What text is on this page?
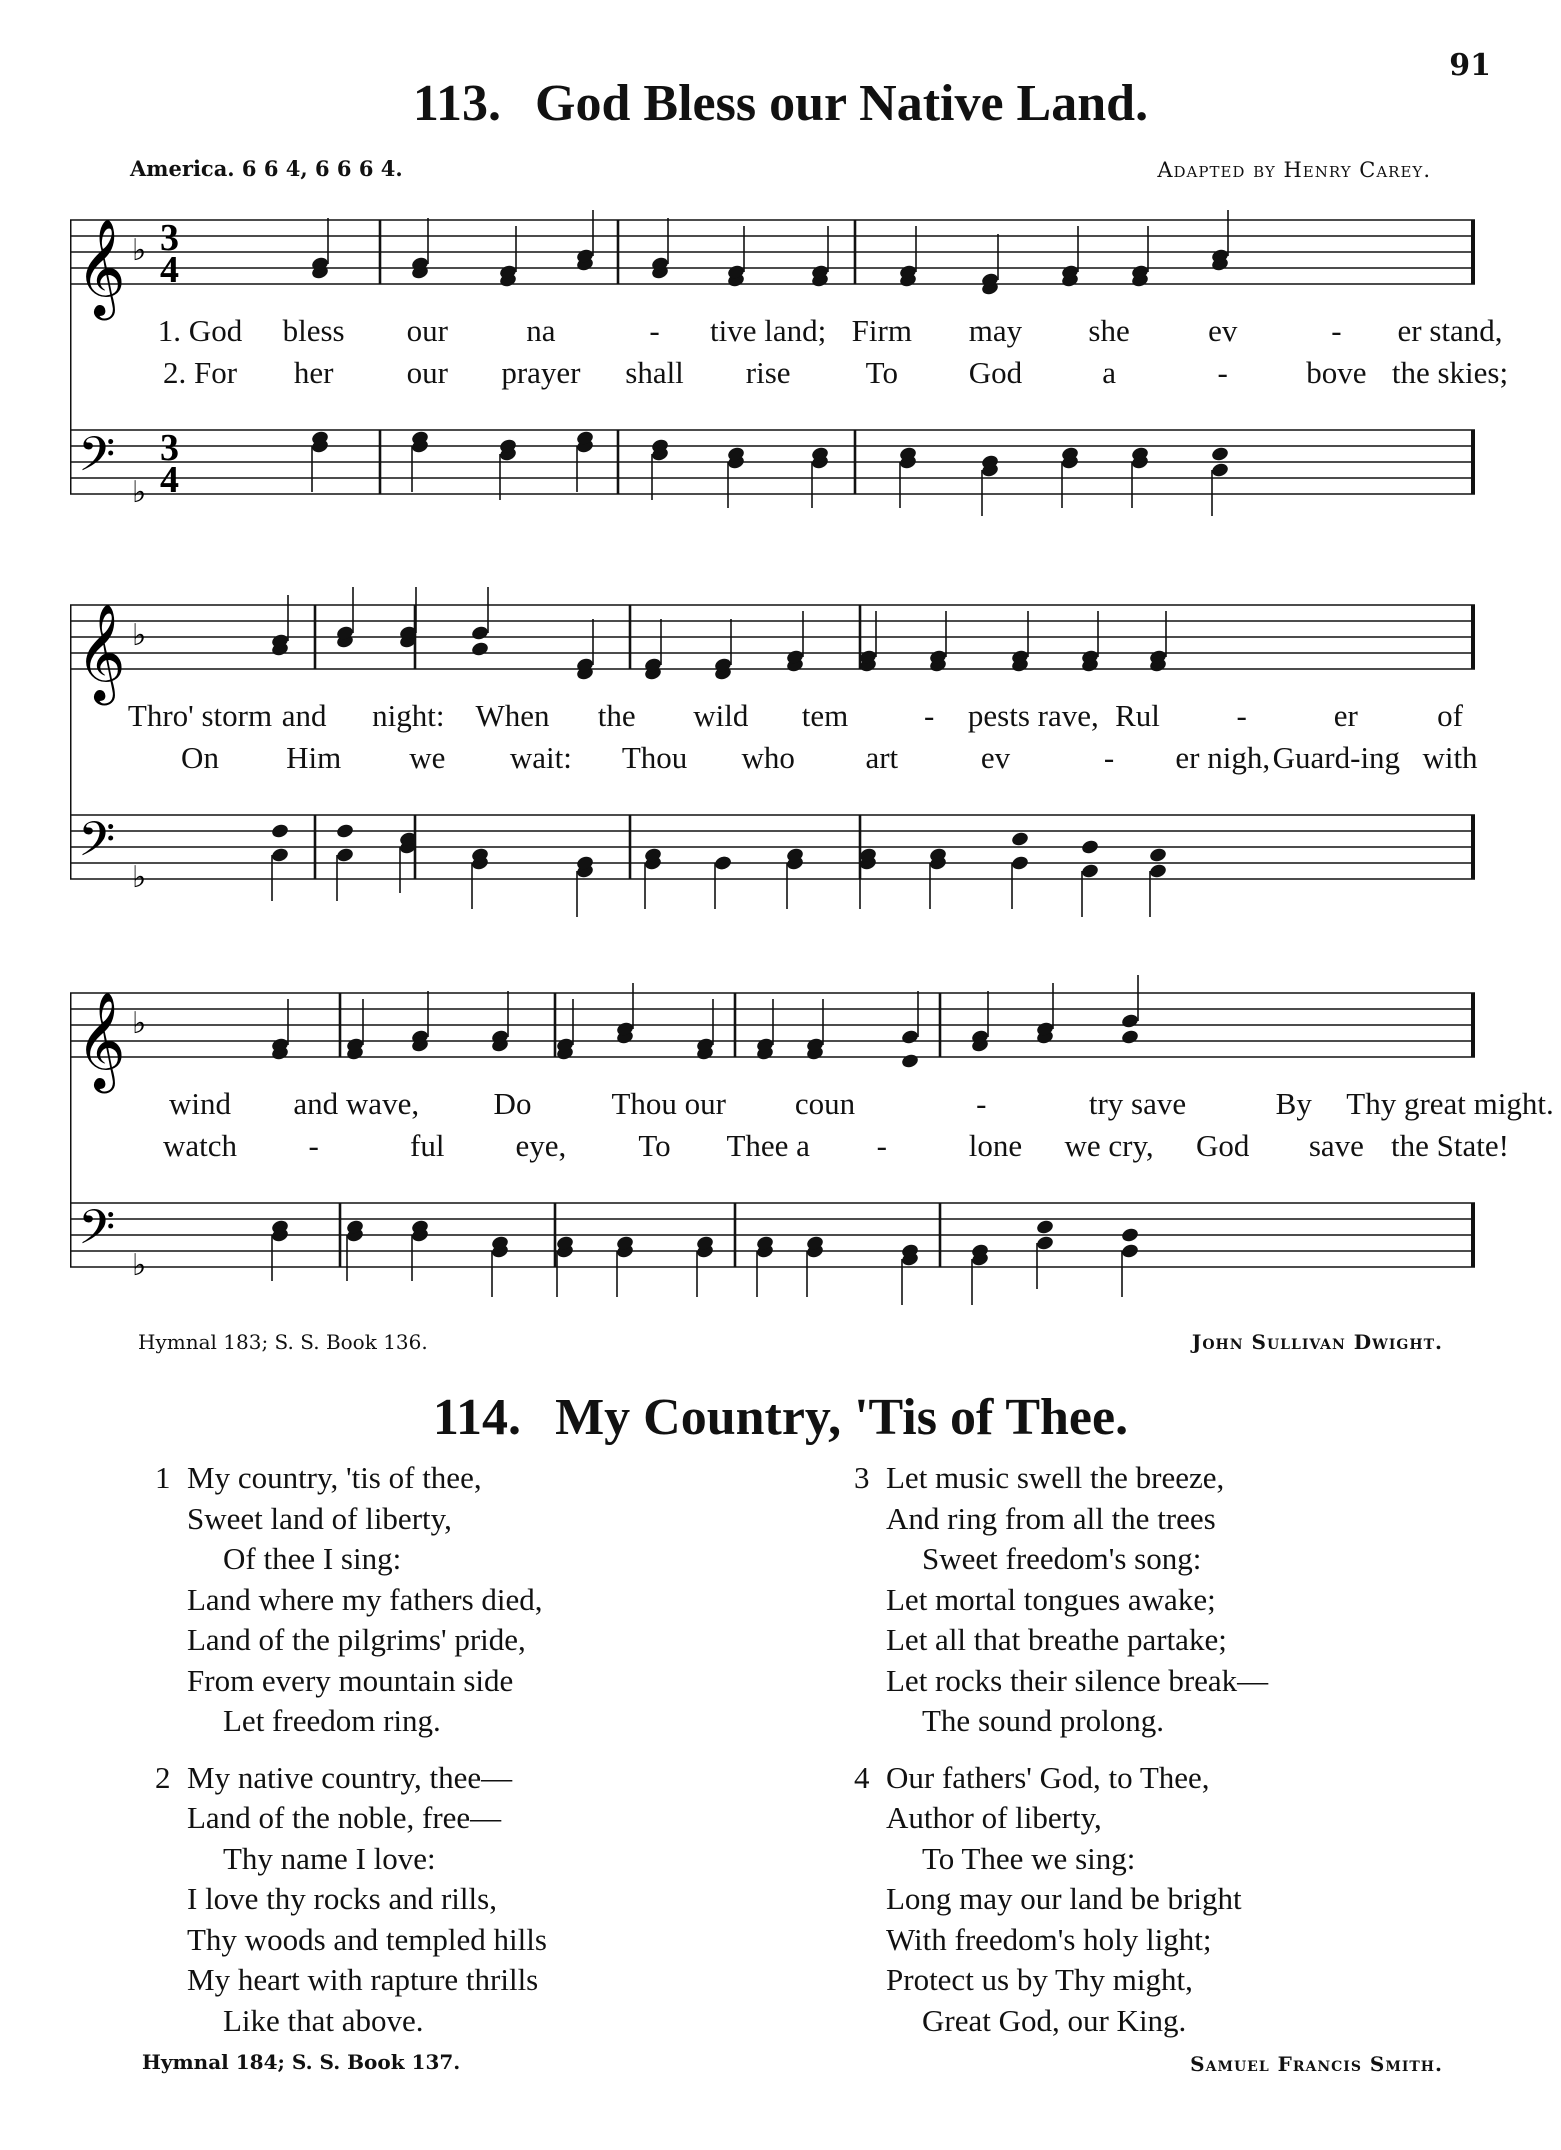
91
113. God Bless our Native Land.
America. 6 6 4, 6 6 6 4.	Adapted by Henry Carey.
𝄞
𝄢
♭
♭
3
4
3
4
1. God bless our	na	- tive land; Firm may she	ev	- er stand,
2. For her our prayer shall rise To God	a	-	bove the skies;
𝄞
𝄢
♭
♭
Thro' storm and night: When the wild tem - pests rave, Rul -	er	of
On Him we wait: Thou who art	ev	- er nigh, Guard-ing with
𝄞
𝄢
♭
♭
wind and wave, Do	Thou our coun	-	try save	By Thy great might.
watch -	ful eye, To Thee a -	lone we cry, God save the State!
Hymnal 183; S. S. Book 136.	John Sullivan Dwight.
114. My Country, 'Tis of Thee.
1 My country, 'tis of thee,
Sweet land of liberty,
Of thee I sing:
Land where my fathers died,
Land of the pilgrims' pride,
From every mountain side
Let freedom ring.
2 My native country, thee—
Land of the noble, free—
Thy name I love:
I love thy rocks and rills,
Thy woods and templed hills
My heart with rapture thrills
Like that above.
3 Let music swell the breeze,
And ring from all the trees
Sweet freedom's song:
Let mortal tongues awake;
Let all that breathe partake;
Let rocks their silence break—
The sound prolong.
4 Our fathers' God, to Thee,
Author of liberty,
To Thee we sing:
Long may our land be bright
With freedom's holy light;
Protect us by Thy might,
Great God, our King.
Hymnal 184; S. S. Book 137.	Samuel Francis Smith.
